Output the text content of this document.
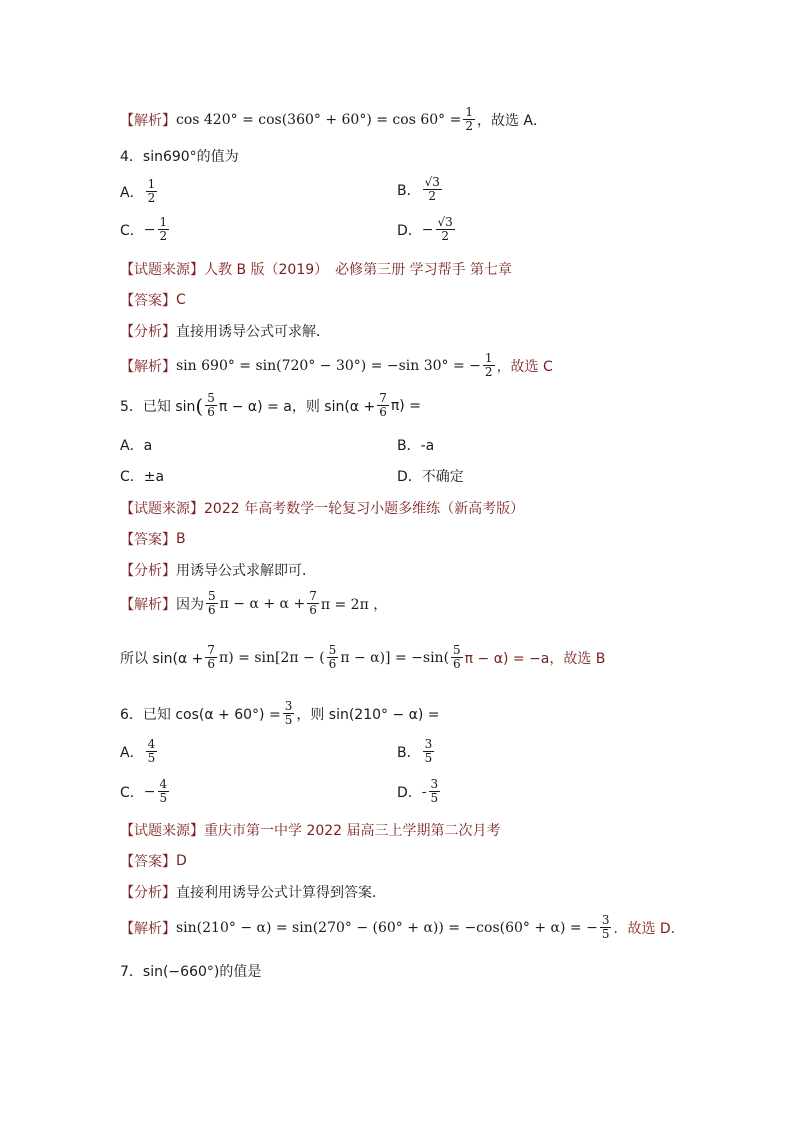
【解析】 $\cos 420^\circ = \cos(360^\circ + 60^\circ) = \cos 60^\circ = \frac{1}{2}$ ，故选 A．
4．sin690°的值为
A． $\frac{1}{2}$	B． $\frac{√3}{2}$
C． − $\frac{1}{2}$	D． − $\frac{√3}{2}$
【试题来源】 人教 B 版（2019）　必修第三册 学习帮手 第七章
【答案】 C
【分析】 直接用诱导公式可求解．
【解析】 sin 690° = sin(720° − 30°) = −sin 30° = − $\frac{1}{2}$ ，故选 C
5．已知 sin ( $\frac{5}{6}$ π − α) = a，则 $\sin(\alpha + \frac{7}{6} \pi)$ =
A．a	B．-a
C．±a	D．不确定
【试题来源】 2022 年高考数学一轮复习小题多维练（新高考版）
【答案】 B
【分析】 用诱导公式求解即可．
【解析】 因为 $\frac{5}{6}$ $\pi - \alpha + \alpha + \frac{7}{6}$ π = 2π ，
所以 $\sin(\alpha + \frac{7}{6} \pi) = \sin[2\pi$ − ( $\frac{5}{6}$ $\pi - \alpha)] = -\sin( \frac{5}{6}$ π − α) = −a，故选 B
6．已知 $\cos(\alpha + 60^\circ) = \frac{3}{5}$ ，则 sin(210° − α) =
A． $\frac{4}{5}$	B． $\frac{3}{5}$
C． − $\frac{4}{5}$	D． - $\frac{3}{5}$
【试题来源】 重庆市第一中学 2022 届高三上学期第二次月考
【答案】 D
【分析】 直接利用诱导公式计算得到答案．
【解析】 sin(210° − α) = sin(270° − (60° + α)) = −cos(60° + α) = − $\frac{3}{5}$ ．故选 D．
7．sin(−660°)的值是
